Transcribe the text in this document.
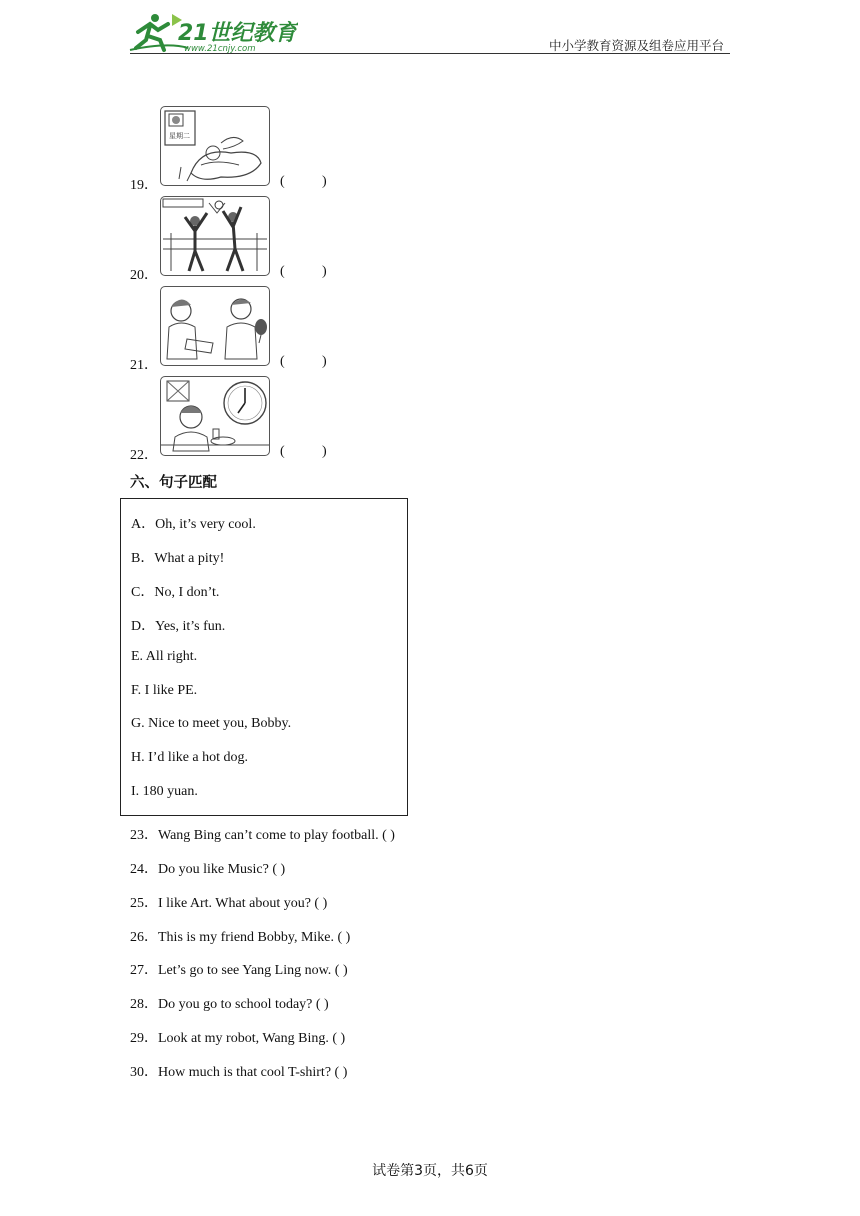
21世纪教育
www.21cnjy.com	中小学教育资源及组卷应用平台
19．
星期二
(	)
20．	(	)
21．	(	)
22．	(	)
六、句子匹配
A．Oh, it’s very cool.
B．What a pity!
C．No, I don’t.
D．Yes, it’s fun.
E. All right.
F. I like PE.
G. Nice to meet you, Bobby.
H. I’d like a hot dog.
I. 180 yuan.
23．Wang Bing can’t come to play football. ( )
24．Do you like Music? ( )
25．I like Art. What about you? ( )
26．This is my friend Bobby, Mike. ( )
27．Let’s go to see Yang Ling now. ( )
28．Do you go to school today? ( )
29．Look at my robot, Wang Bing. ( )
30．How much is that cool T-shirt? ( )
试卷第3页，共6页
